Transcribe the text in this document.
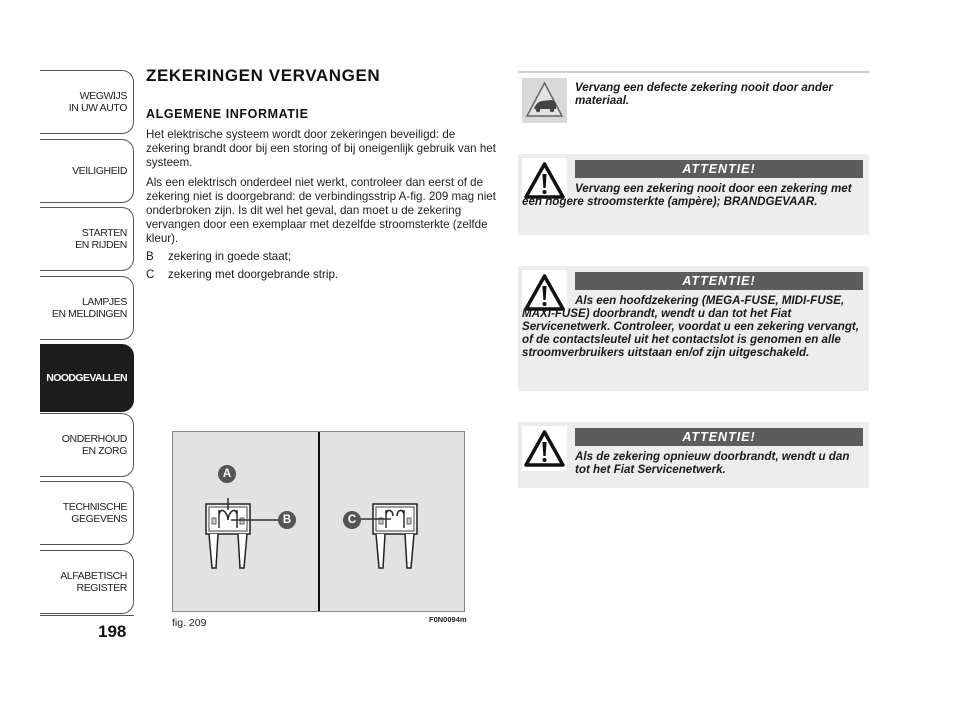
WEGWIJS
IN UW AUTO
VEILIGHEID
STARTEN
EN RIJDEN
LAMPJES
EN MELDINGEN
NOODGEVALLEN
ONDERHOUD
EN ZORG
TECHNISCHE
GEGEVENS
ALFABETISCH
REGISTER
198
ZEKERINGEN VERVANGEN
ALGEMENE INFORMATIE

Het elektrische systeem wordt door zekeringen beveiligd: de zekering brandt door bij een storing of bij oneigenlijk gebruik van het systeem.

Als een elektrisch onderdeel niet werkt, controleer dan eerst of de zekering niet is doorgebrand: de verbindingsstrip A-fig. 209 mag niet onderbroken zijn. Is dit wel het geval, dan moet u de zekering vervangen door een exemplaar met dezelfde stroomsterkte (zelfde kleur).

B	zekering in goede staat;
C	zekering met doorgebrande strip.

Vervang een defecte zekering nooit door ander materiaal.

ATTENTIE!

Vervang een zekering nooit door een zekering met een hogere stroomsterkte (ampère); BRANDGEVAAR.

ATTENTIE!

Als een hoofdzekering (MEGA-FUSE, MIDI-FUSE, MAXI-FUSE) doorbrandt, wendt u dan tot het Fiat Servicenetwerk. Controleer, voordat u een zekering vervangt, of de contactsleutel uit het contactslot is genomen en alle stroomverbruikers uitstaan en/of zijn uitgeschakeld.

ATTENTIE!

Als de zekering opnieuw doorbrandt, wendt u dan tot het Fiat Servicenetwerk.

A
B	C
fig. 209	F0N0094m
